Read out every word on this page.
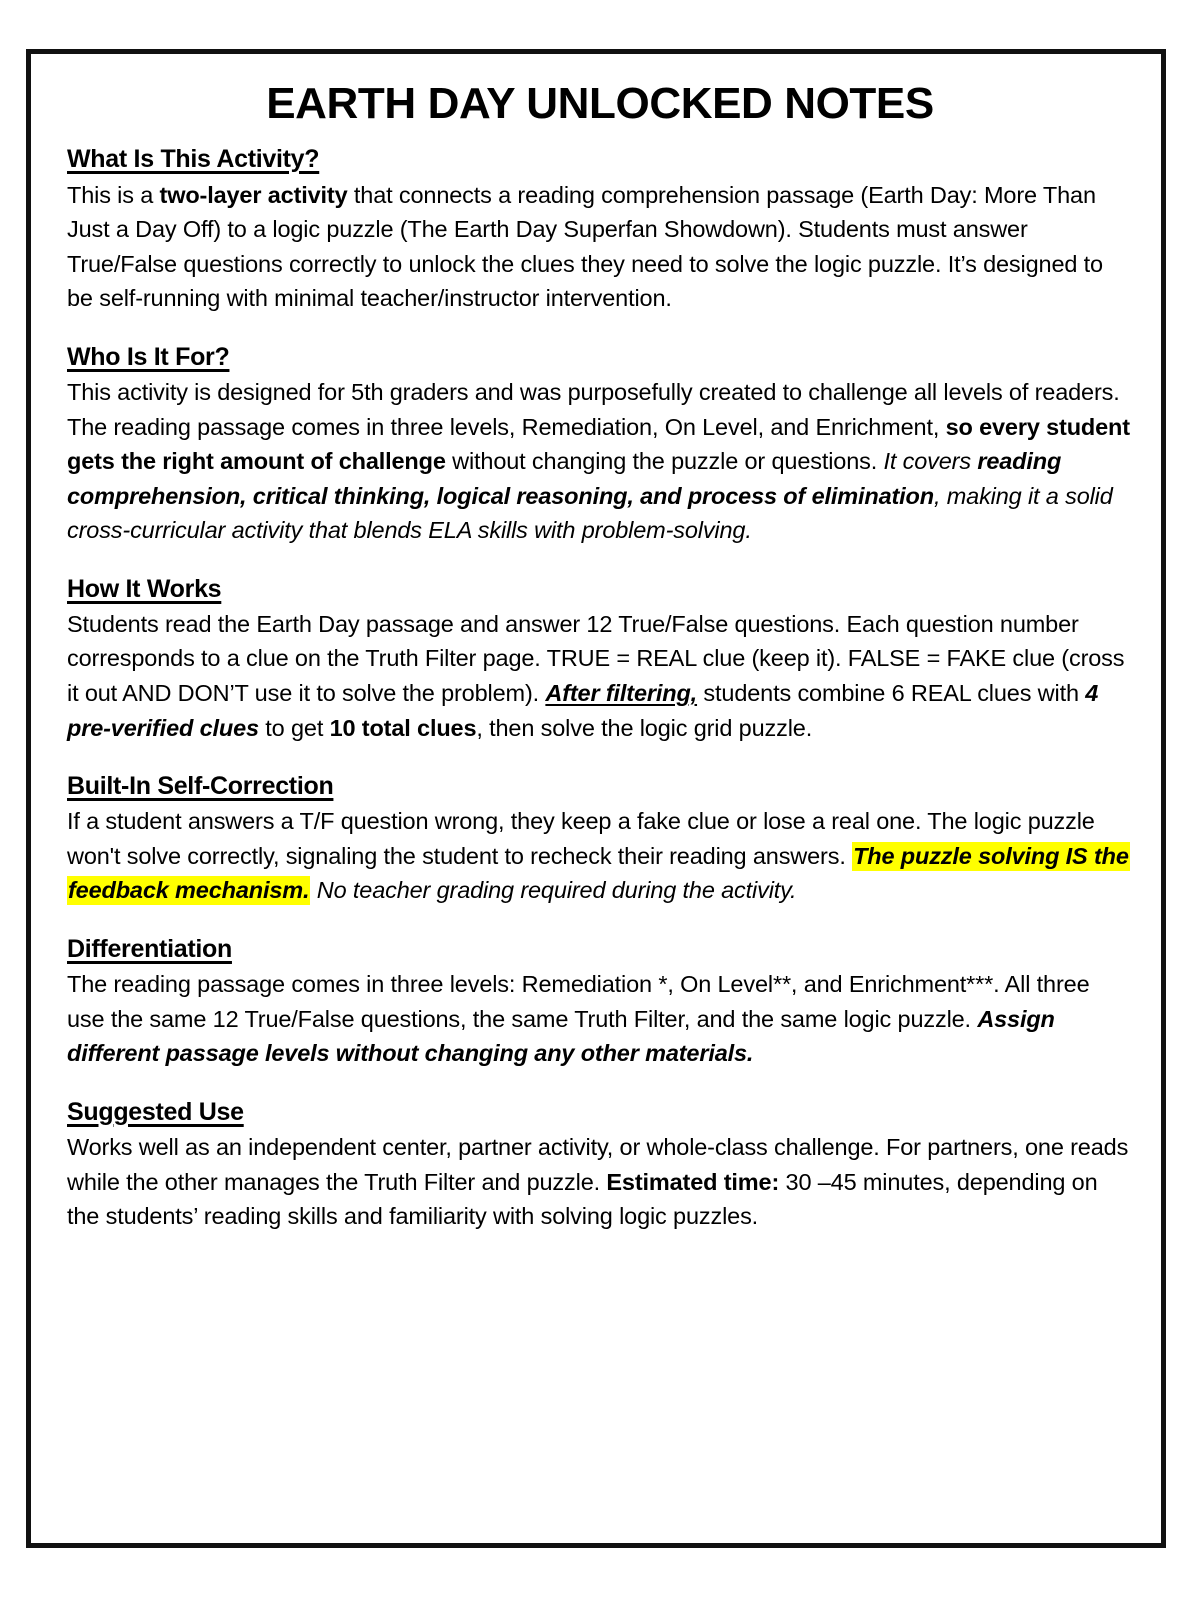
EARTH DAY UNLOCKED NOTES
What Is This Activity?

This is a two-layer activity that connects a reading comprehension passage (Earth Day: More Than Just a Day Off) to a logic puzzle (The Earth Day Superfan Showdown). Students must answer True/False questions correctly to unlock the clues they need to solve the logic puzzle. It’s designed to be self-running with minimal teacher/instructor intervention.

Who Is It For?

This activity is designed for 5th graders and was purposefully created to challenge all levels of readers. The reading passage comes in three levels, Remediation, On Level, and Enrichment, so every student gets the right amount of challenge without changing the puzzle or questions. It covers reading comprehension, critical thinking, logical reasoning, and process of elimination, making it a solid cross-curricular activity that blends ELA skills with problem-solving.

How It Works

Students read the Earth Day passage and answer 12 True/False questions. Each question number corresponds to a clue on the Truth Filter page. TRUE = REAL clue (keep it). FALSE = FAKE clue (cross it out AND DON’T use it to solve the problem). After filtering, students combine 6 REAL clues with 4 pre-verified clues to get 10 total clues, then solve the logic grid puzzle.

Built-In Self-Correction

If a student answers a T/F question wrong, they keep a fake clue or lose a real one. The logic puzzle won't solve correctly, signaling the student to recheck their reading answers. The puzzle solving IS the feedback mechanism. No teacher grading required during the activity.

Differentiation

The reading passage comes in three levels: Remediation *, On Level**, and Enrichment***. All three use the same 12 True/False questions, the same Truth Filter, and the same logic puzzle. Assign different passage levels without changing any other materials.

Suggested Use

Works well as an independent center, partner activity, or whole-class challenge. For partners, one reads while the other manages the Truth Filter and puzzle. Estimated time: 30 –45 minutes, depending on the students’ reading skills and familiarity with solving logic puzzles.
